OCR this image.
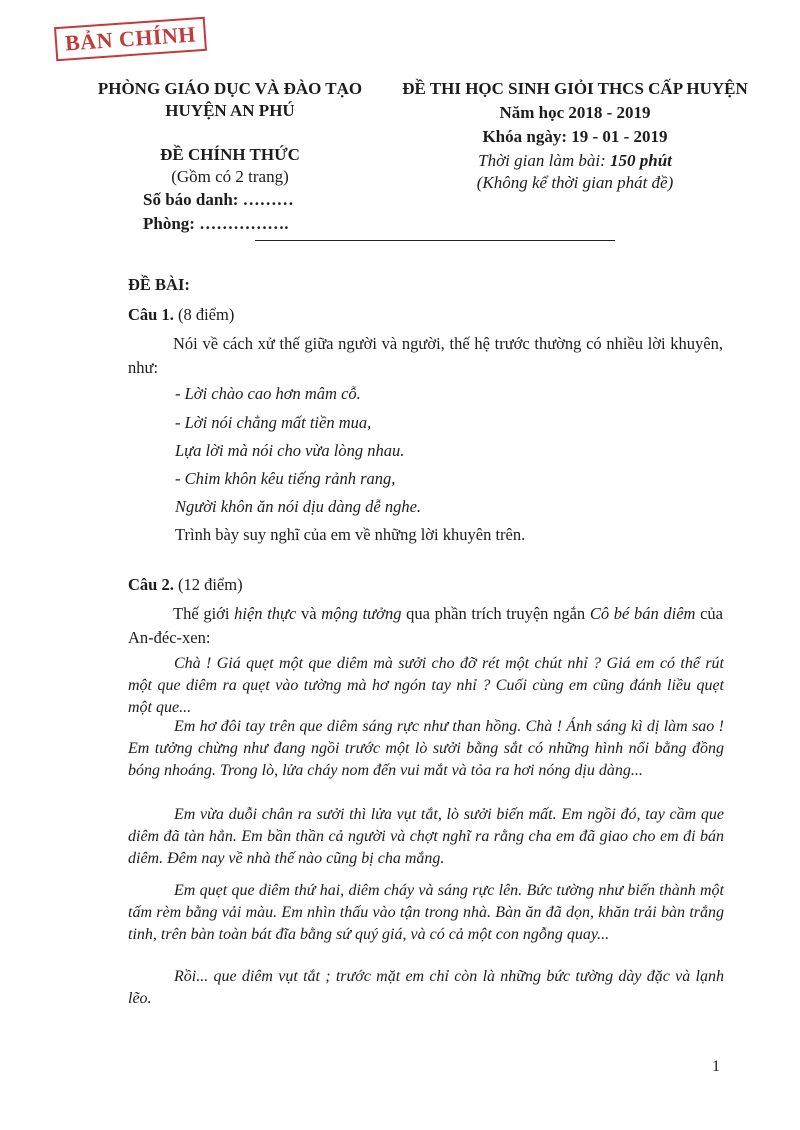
BẢN CHÍNH
PHÒNG GIÁO DỤC VÀ ĐÀO TẠO
HUYỆN AN PHÚ
ĐỀ CHÍNH THỨC
(Gồm có 2 trang)
Số báo danh: ………
Phòng: …………….
ĐỀ THI HỌC SINH GIỎI THCS CẤP HUYỆN
Năm học 2018 - 2019
Khóa ngày: 19 - 01 - 2019
Thời gian làm bài: 150 phút
(Không kể thời gian phát đề)
ĐỀ BÀI:
Câu 1. (8 điểm)
Nói về cách xử thế giữa người và người, thế hệ trước thường có nhiều lời khuyên, như:
- Lời chào cao hơn mâm cỗ.
- Lời nói chẳng mất tiền mua,
Lựa lời mà nói cho vừa lòng nhau.
- Chim khôn kêu tiếng rảnh rang,
Người khôn ăn nói dịu dàng dễ nghe.
Trình bày suy nghĩ của em về những lời khuyên trên.
Câu 2. (12 điểm)
Thế giới hiện thực và mộng tưởng qua phần trích truyện ngắn Cô bé bán diêm của An-đéc-xen:
Chà ! Giá quẹt một que diêm mà sưởi cho đỡ rét một chút nhỉ ? Giá em có thể rút một que diêm ra quẹt vào tường mà hơ ngón tay nhỉ ? Cuối cùng em cũng đánh liều quẹt một que...
Em hơ đôi tay trên que diêm sáng rực như than hồng. Chà ! Ánh sáng kì dị làm sao ! Em tưởng chừng như đang ngồi trước một lò sưởi bằng sắt có những hình nổi bằng đồng bóng nhoáng. Trong lò, lửa cháy nom đến vui mắt và tỏa ra hơi nóng dịu dàng...
Em vừa duỗi chân ra sưởi thì lửa vụt tắt, lò sưởi biến mất. Em ngồi đó, tay cầm que diêm đã tàn hẳn. Em bần thần cả người và chợt nghĩ ra rằng cha em đã giao cho em đi bán diêm. Đêm nay về nhà thế nào cũng bị cha mắng.
Em quẹt que diêm thứ hai, diêm cháy và sáng rực lên. Bức tường như biến thành một tấm rèm bằng vải màu. Em nhìn thấu vào tận trong nhà. Bàn ăn đã dọn, khăn trải bàn trắng tinh, trên bàn toàn bát đĩa bằng sứ quý giá, và có cả một con ngỗng quay...
Rồi... que diêm vụt tắt ; trước mặt em chỉ còn là những bức tường dày đặc và lạnh lẽo.
1
